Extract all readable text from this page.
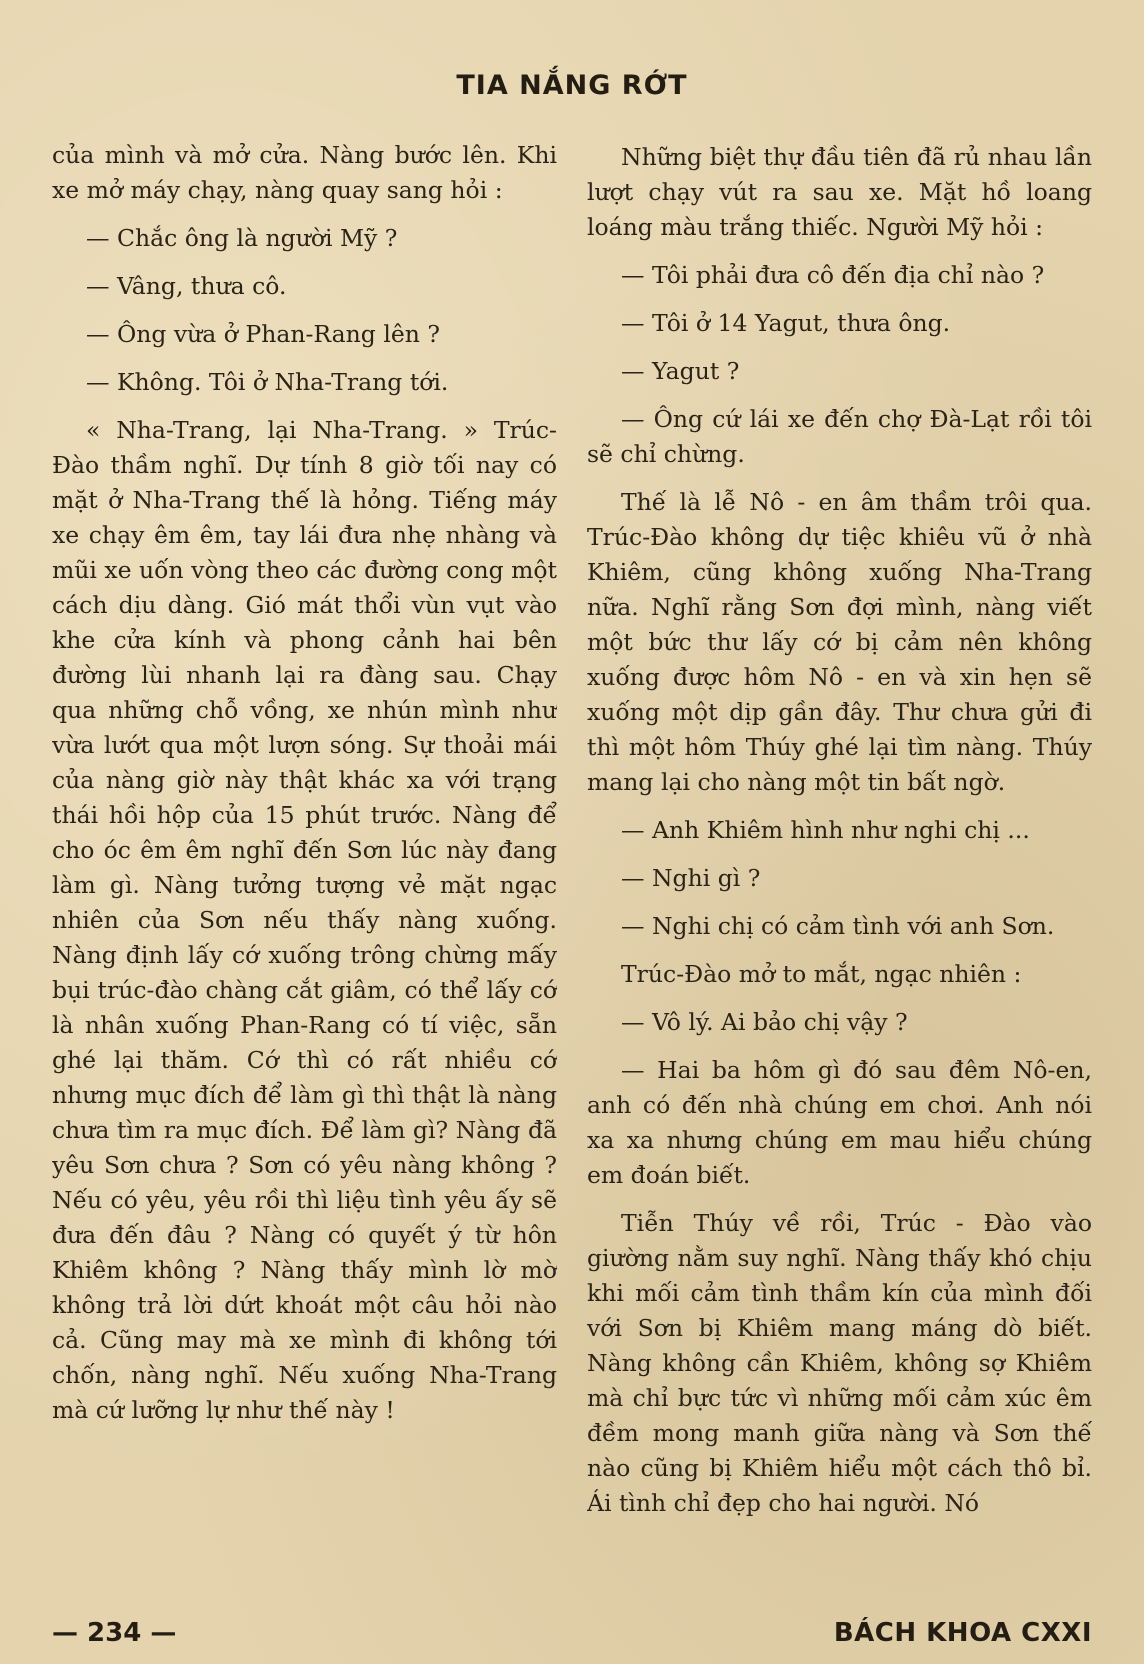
TIA NẮNG RỚT

của mình và mở cửa. Nàng bước lên. Khi xe mở máy chạy, nàng quay sang hỏi :

— Chắc ông là người Mỹ ?

— Vâng, thưa cô.

— Ông vừa ở Phan-Rang lên ?

— Không. Tôi ở Nha-Trang tới.

« Nha-Trang, lại Nha-Trang. » Trúc-Đào thầm nghĩ. Dự tính 8 giờ tối nay có mặt ở Nha-Trang thế là hỏng. Tiếng máy xe chạy êm êm, tay lái đưa nhẹ nhàng và mũi xe uốn vòng theo các đường cong một cách dịu dàng. Gió mát thổi vùn vụt vào khe cửa kính và phong cảnh hai bên đường lùi nhanh lại ra đàng sau. Chạy qua những chỗ vồng, xe nhún mình như vừa lướt qua một lượn sóng. Sự thoải mái của nàng giờ này thật khác xa với trạng thái hồi hộp của 15 phút trước. Nàng để cho óc êm êm nghĩ đến Sơn lúc này đang làm gì. Nàng tưởng tượng vẻ mặt ngạc nhiên của Sơn nếu thấy nàng xuống. Nàng định lấy cớ xuống trông chừng mấy bụi trúc-đào chàng cắt giâm, có thể lấy cớ là nhân xuống Phan-Rang có tí việc, sẵn ghé lại thăm. Cớ thì có rất nhiều cớ nhưng mục đích để làm gì thì thật là nàng chưa tìm ra mục đích. Để làm gì? Nàng đã yêu Sơn chưa ? Sơn có yêu nàng không ? Nếu có yêu, yêu rồi thì liệu tình yêu ấy sẽ đưa đến đâu ? Nàng có quyết ý từ hôn Khiêm không ? Nàng thấy mình lờ mờ không trả lời dứt khoát một câu hỏi nào cả. Cũng may mà xe mình đi không tới chốn, nàng nghĩ. Nếu xuống Nha-Trang mà cứ lưỡng lự như thế này !

Những biệt thự đầu tiên đã rủ nhau lần lượt chạy vút ra sau xe. Mặt hồ loang loáng màu trắng thiếc. Người Mỹ hỏi :

— Tôi phải đưa cô đến địa chỉ nào ?

— Tôi ở 14 Yagut, thưa ông.

— Yagut ?

— Ông cứ lái xe đến chợ Đà-Lạt rồi tôi sẽ chỉ chừng.

Thế là lễ Nô - en âm thầm trôi qua. Trúc-Đào không dự tiệc khiêu vũ ở nhà Khiêm, cũng không xuống Nha-Trang nữa. Nghĩ rằng Sơn đợi mình, nàng viết một bức thư lấy cớ bị cảm nên không xuống được hôm Nô - en và xin hẹn sẽ xuống một dịp gần đây. Thư chưa gửi đi thì một hôm Thúy ghé lại tìm nàng. Thúy mang lại cho nàng một tin bất ngờ.

— Anh Khiêm hình như nghi chị ...

— Nghi gì ?

— Nghi chị có cảm tình với anh Sơn.

Trúc-Đào mở to mắt, ngạc nhiên :

— Vô lý. Ai bảo chị vậy ?

— Hai ba hôm gì đó sau đêm Nô-en, anh có đến nhà chúng em chơi. Anh nói xa xa nhưng chúng em mau hiểu chúng em đoán biết.

Tiễn Thúy về rồi, Trúc - Đào vào giường nằm suy nghĩ. Nàng thấy khó chịu khi mối cảm tình thầm kín của mình đối với Sơn bị Khiêm mang máng dò biết. Nàng không cần Khiêm, không sợ Khiêm mà chỉ bực tức vì những mối cảm xúc êm đềm mong manh giữa nàng và Sơn thế nào cũng bị Khiêm hiểu một cách thô bỉ. Ái tình chỉ đẹp cho hai người. Nó

— 234 —	BÁCH KHOA CXXI
